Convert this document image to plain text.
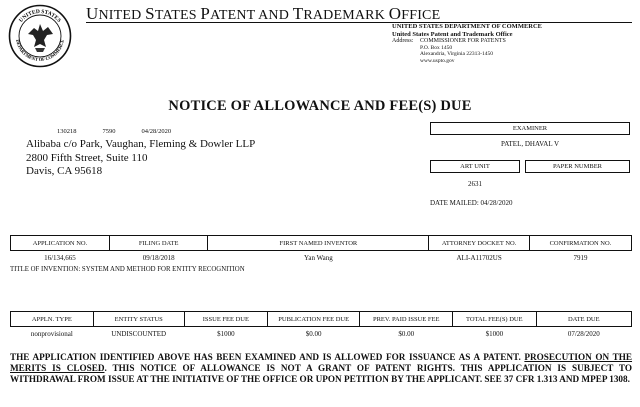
UNITED STATES
DEPARTMENT OF COMMERCE
UNITED STATES PATENT AND TRADEMARK OFFICE
UNITED STATES DEPARTMENT OF COMMERCE
United States Patent and Trademark Office
Address: COMMISSIONER FOR PATENTS
P.O. Box 1450
Alexandria, Virginia 22313-1450
www.uspto.gov
NOTICE OF ALLOWANCE AND FEE(S) DUE
130218	7590	04/28/2020
Alibaba c/o Park, Vaughan, Fleming & Dowler LLP
2800 Fifth Street, Suite 110
Davis, CA 95618
EXAMINER
PATEL, DHAVAL V
ART UNIT	PAPER NUMBER
2631
DATE MAILED: 04/28/2020
APPLICATION NO.	FILING DATE	FIRST NAMED INVENTOR	ATTORNEY DOCKET NO.	CONFIRMATION NO.
16/134,665	09/18/2018	Yan Wang	ALI-A11702US	7919
TITLE OF INVENTION: SYSTEM AND METHOD FOR ENTITY RECOGNITION
APPLN. TYPE	ENTITY STATUS	ISSUE FEE DUE	PUBLICATION FEE DUE	PREV. PAID ISSUE FEE	TOTAL FEE(S) DUE	DATE DUE
nonprovisional	UNDISCOUNTED	$1000	$0.00	$0.00	$1000	07/28/2020
THE APPLICATION IDENTIFIED ABOVE HAS BEEN EXAMINED AND IS ALLOWED FOR ISSUANCE AS A PATENT. PROSECUTION ON THE MERITS IS CLOSED. THIS NOTICE OF ALLOWANCE IS NOT A GRANT OF PATENT RIGHTS. THIS APPLICATION IS SUBJECT TO WITHDRAWAL FROM ISSUE AT THE INITIATIVE OF THE OFFICE OR UPON PETITION BY THE APPLICANT. SEE 37 CFR 1.313 AND MPEP 1308.
